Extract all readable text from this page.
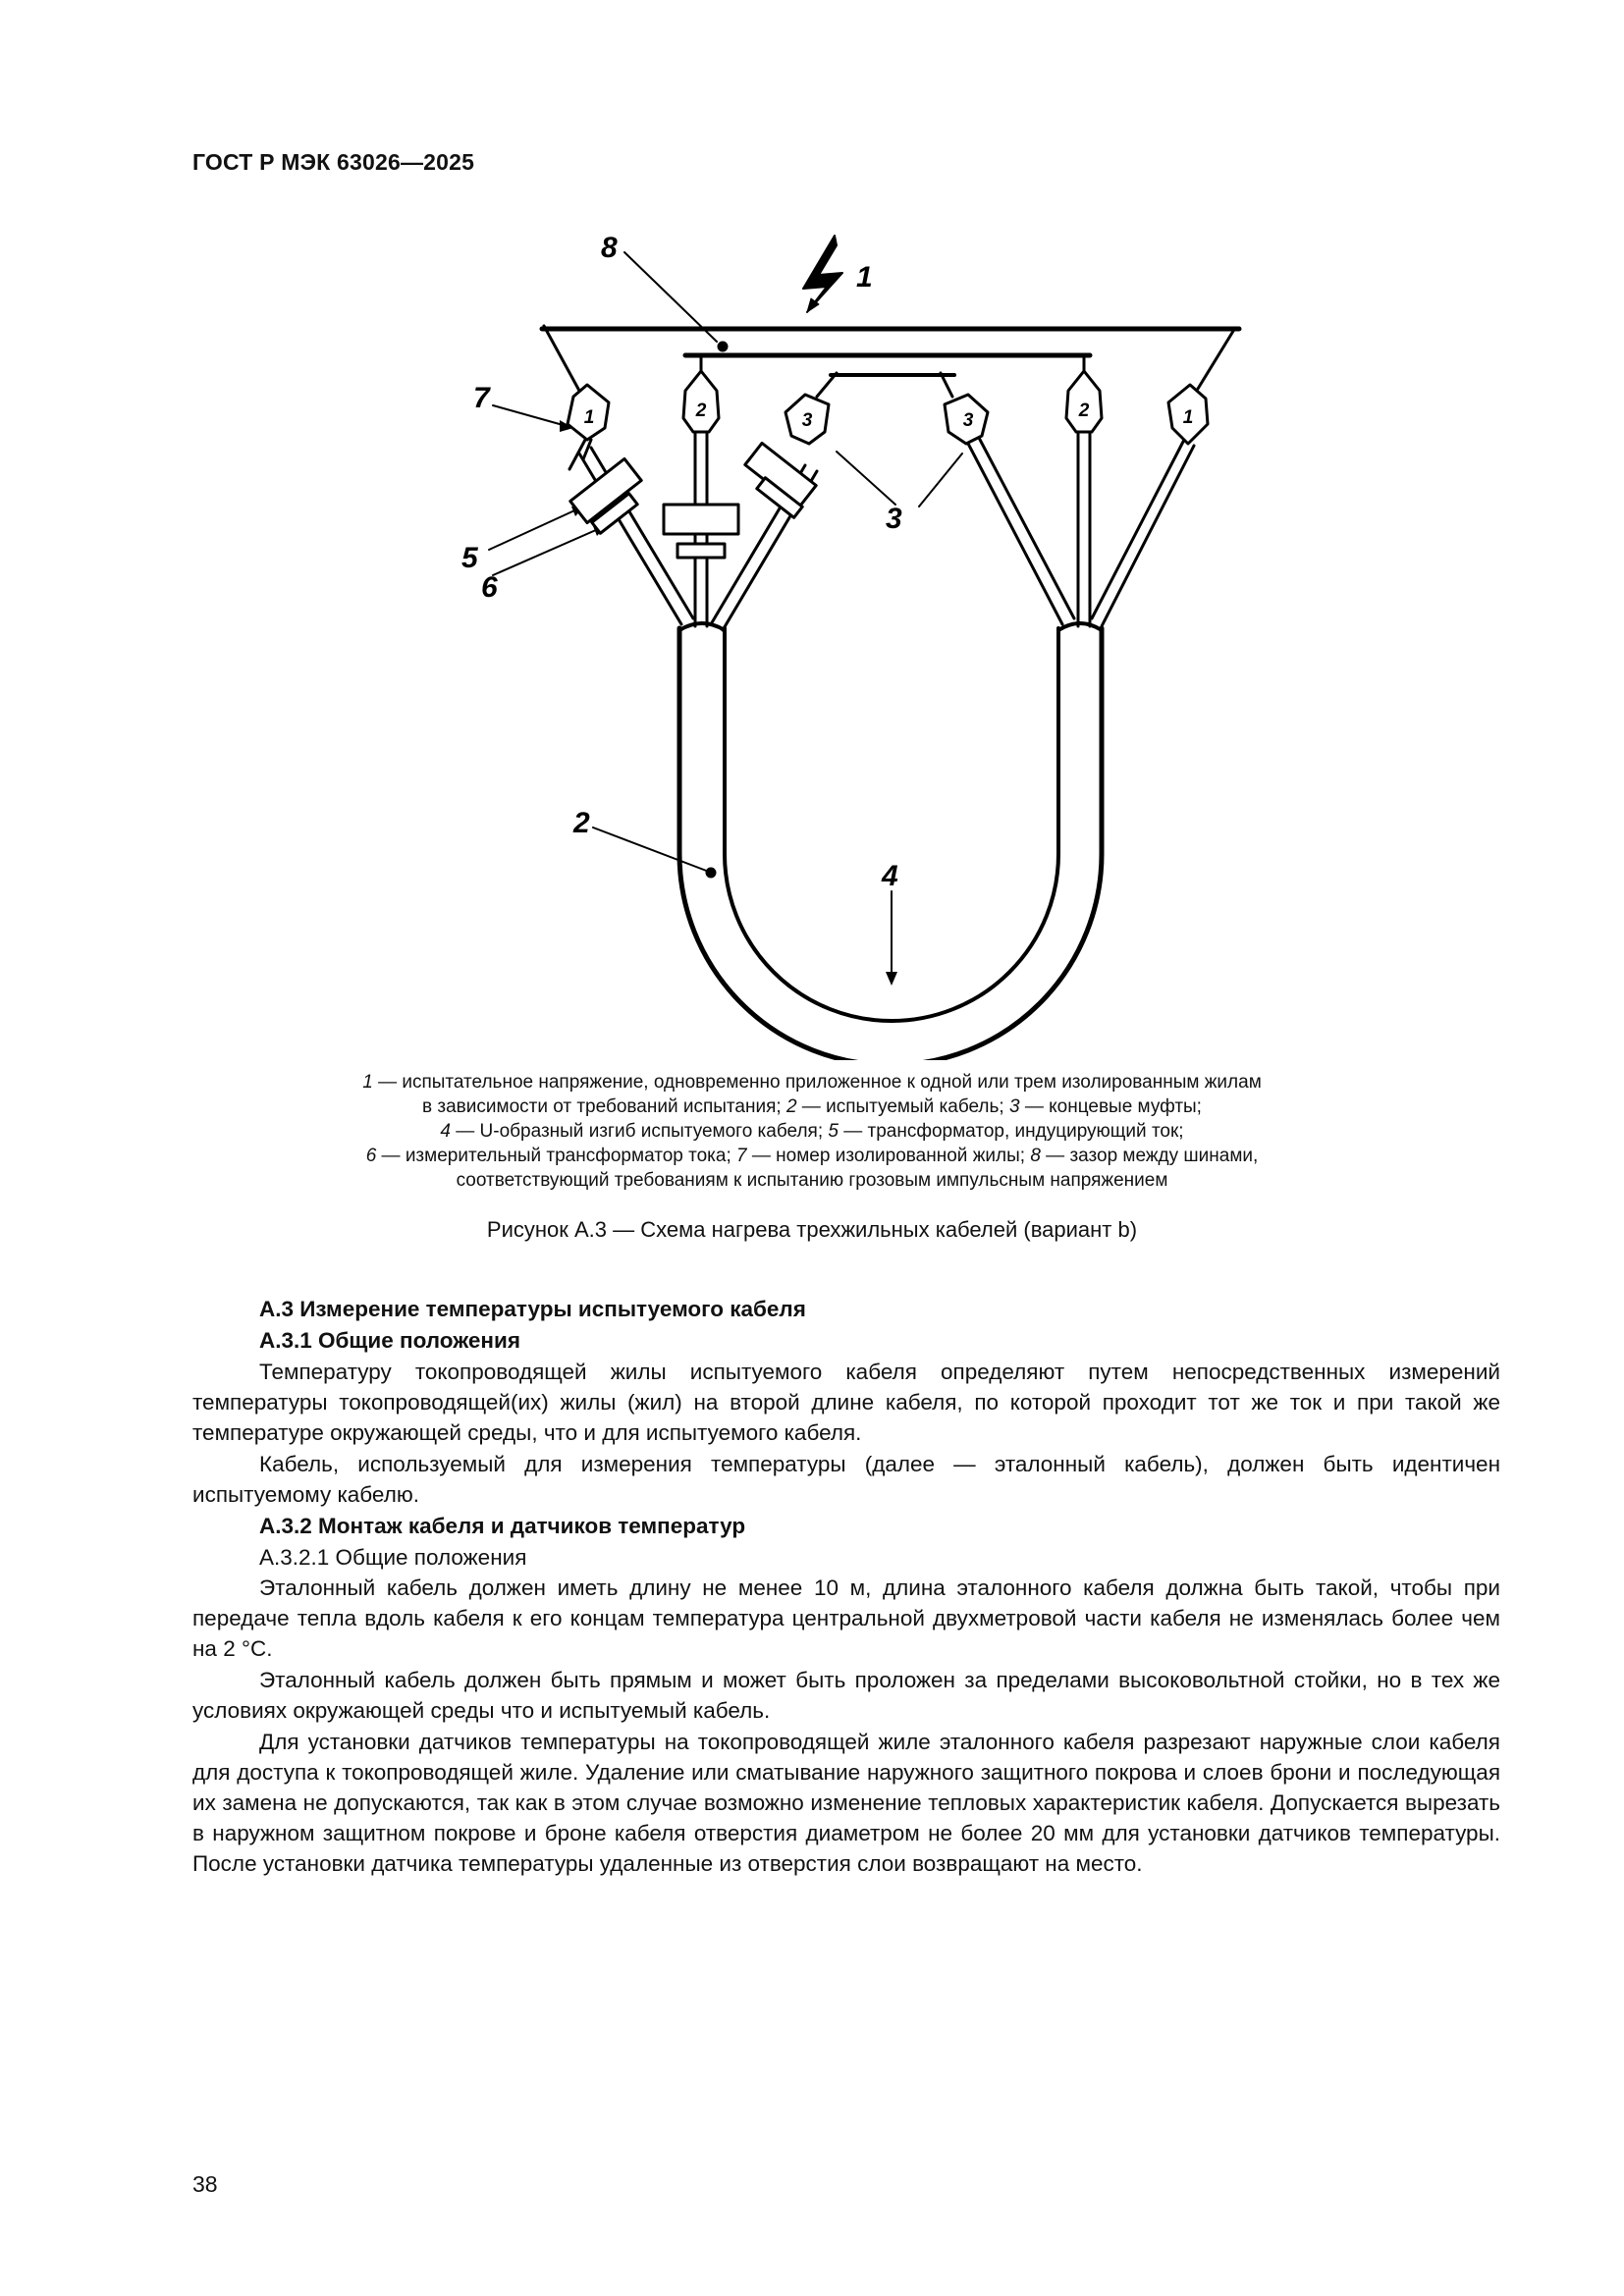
ГОСТ Р МЭК 63026—2025
1	2	3	3	2	1
1
8
7
5
6
3
2
4
1 — испытательное напряжение, одновременно приложенное к одной или трем изолированным жилам
в зависимости от требований испытания; 2 — испытуемый кабель; 3 — концевые муфты;
4 — U-образный изгиб испытуемого кабеля; 5 — трансформатор, индуцирующий ток;
6 — измерительный трансформатор тока; 7 — номер изолированной жилы; 8 — зазор между шинами,
соответствующий требованиям к испытанию грозовым импульсным напряжением
Рисунок А.3 — Схема нагрева трехжильных кабелей (вариант b)
А.3 Измерение температуры испытуемого кабеля
А.3.1 Общие положения

Температуру токопроводящей жилы испытуемого кабеля определяют путем непосредственных измерений температуры токопроводящей(их) жилы (жил) на второй длине кабеля, по которой проходит тот же ток и при такой же температуре окружающей среды, что и для испытуемого кабеля.

Кабель, используемый для измерения температуры (далее — эталонный кабель), должен быть идентичен испытуемому кабелю.

А.3.2 Монтаж кабеля и датчиков температур
А.3.2.1 Общие положения

Эталонный кабель должен иметь длину не менее 10 м, длина эталонного кабеля должна быть такой, чтобы при передаче тепла вдоль кабеля к его концам температура центральной двухметровой части кабеля не изменялась более чем на 2 °С.

Эталонный кабель должен быть прямым и может быть проложен за пределами высоковольтной стойки, но в тех же условиях окружающей среды что и испытуемый кабель.

Для установки датчиков температуры на токопроводящей жиле эталонного кабеля разрезают наружные слои кабеля для доступа к токопроводящей жиле. Удаление или сматывание наружного защитного покрова и слоев брони и последующая их замена не допускаются, так как в этом случае возможно изменение тепловых характеристик кабеля. Допускается вырезать в наружном защитном покрове и броне кабеля отверстия диаметром не более 20 мм для установки датчиков температуры. После установки датчика температуры удаленные из отверстия слои возвращают на место.

38
